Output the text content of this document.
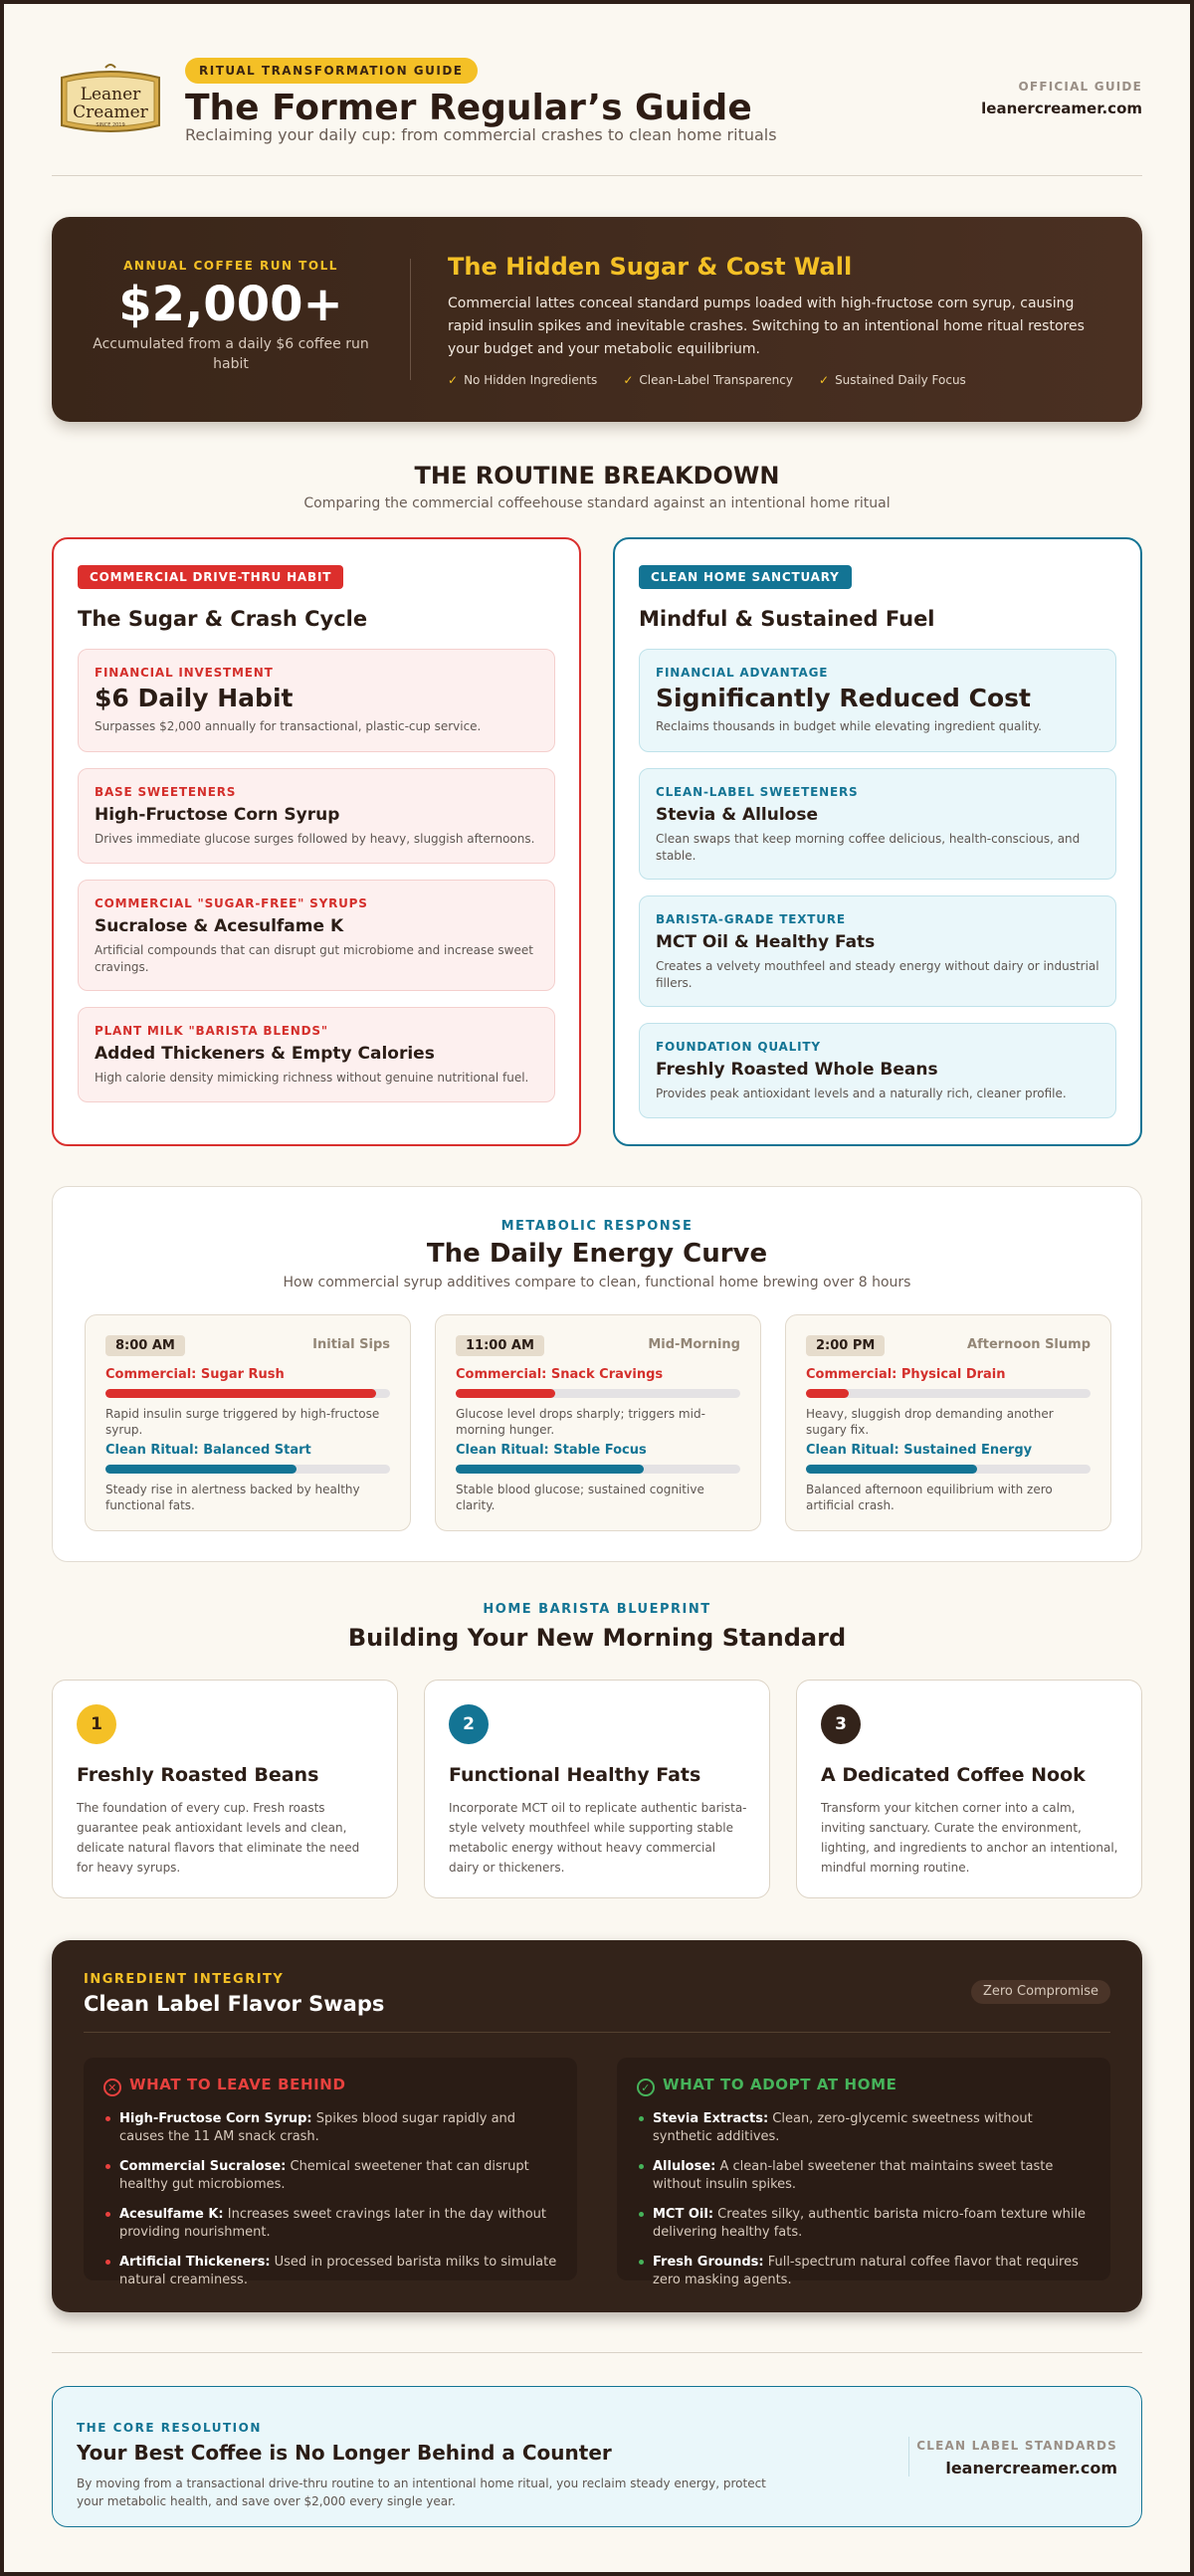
Leaner
Creamer
SINCE 2019
RITUAL TRANSFORMATION GUIDE
The Former Regular’s Guide
Reclaiming your daily cup: from commercial crashes to clean home rituals
OFFICIAL GUIDE
leanercreamer.com
ANNUAL COFFEE RUN TOLL
$2,000+
Accumulated from a daily $6 coffee run habit
The Hidden Sugar & Cost Wall

Commercial lattes conceal standard pumps loaded with high-fructose corn syrup, causing rapid insulin spikes and inevitable crashes. Switching to an intentional home ritual restores your budget and your metabolic equilibrium.

✓ No Hidden Ingredients ✓ Clean-Label Transparency ✓ Sustained Daily Focus
THE ROUTINE BREAKDOWN
Comparing the commercial coffeehouse standard against an intentional home ritual
COMMERCIAL DRIVE-THRU HABIT
The Sugar & Crash Cycle
FINANCIAL INVESTMENT
$6 Daily Habit
Surpasses $2,000 annually for transactional, plastic-cup service.
BASE SWEETENERS
High-Fructose Corn Syrup
Drives immediate glucose surges followed by heavy, sluggish afternoons.
COMMERCIAL "SUGAR-FREE" SYRUPS
Sucralose & Acesulfame K
Artificial compounds that can disrupt gut microbiome and increase sweet cravings.
PLANT MILK "BARISTA BLENDS"
Added Thickeners & Empty Calories
High calorie density mimicking richness without genuine nutritional fuel.
CLEAN HOME SANCTUARY
Mindful & Sustained Fuel
FINANCIAL ADVANTAGE
Significantly Reduced Cost
Reclaims thousands in budget while elevating ingredient quality.
CLEAN-LABEL SWEETENERS
Stevia & Allulose
Clean swaps that keep morning coffee delicious, health-conscious, and stable.
BARISTA-GRADE TEXTURE
MCT Oil & Healthy Fats
Creates a velvety mouthfeel and steady energy without dairy or industrial fillers.
FOUNDATION QUALITY
Freshly Roasted Whole Beans
Provides peak antioxidant levels and a naturally rich, cleaner profile.
METABOLIC RESPONSE
The Daily Energy Curve
How commercial syrup additives compare to clean, functional home brewing over 8 hours
8:00 AM	Initial Sips
Commercial: Sugar Rush
Rapid insulin surge triggered by high-fructose syrup.
Clean Ritual: Balanced Start
Steady rise in alertness backed by healthy functional fats.
11:00 AM	Mid-Morning
Commercial: Snack Cravings
Glucose level drops sharply; triggers mid-morning hunger.
Clean Ritual: Stable Focus
Stable blood glucose; sustained cognitive clarity.
2:00 PM	Afternoon Slump
Commercial: Physical Drain
Heavy, sluggish drop demanding another sugary fix.
Clean Ritual: Sustained Energy
Balanced afternoon equilibrium with zero artificial crash.
HOME BARISTA BLUEPRINT
Building Your New Morning Standard
1
Freshly Roasted Beans

The foundation of every cup. Fresh roasts guarantee peak antioxidant levels and clean, delicate natural flavors that eliminate the need for heavy syrups.

2
Functional Healthy Fats

Incorporate MCT oil to replicate authentic barista-style velvety mouthfeel while supporting stable metabolic energy without heavy commercial dairy or thickeners.

3
A Dedicated Coffee Nook

Transform your kitchen corner into a calm, inviting sanctuary. Curate the environment, lighting, and ingredients to anchor an intentional, mindful morning routine.

INGREDIENT INTEGRITY
Clean Label Flavor Swaps
Zero Compromise
✕ WHAT TO LEAVE BEHIND
High-Fructose Corn Syrup: Spikes blood sugar rapidly and causes the 11 AM snack crash.
Commercial Sucralose: Chemical sweetener that can disrupt healthy gut microbiomes.
Acesulfame K: Increases sweet cravings later in the day without providing nourishment.
Artificial Thickeners: Used in processed barista milks to simulate natural creaminess.
✓ WHAT TO ADOPT AT HOME
Stevia Extracts: Clean, zero-glycemic sweetness without synthetic additives.
Allulose: A clean-label sweetener that maintains sweet taste without insulin spikes.
MCT Oil: Creates silky, authentic barista micro-foam texture while delivering healthy fats.
Fresh Grounds: Full-spectrum natural coffee flavor that requires zero masking agents.
THE CORE RESOLUTION
Your Best Coffee is No Longer Behind a Counter

By moving from a transactional drive-thru routine to an intentional home ritual, you reclaim steady energy, protect your metabolic health, and save over $2,000 every single year.

CLEAN LABEL STANDARDS
leanercreamer.com
